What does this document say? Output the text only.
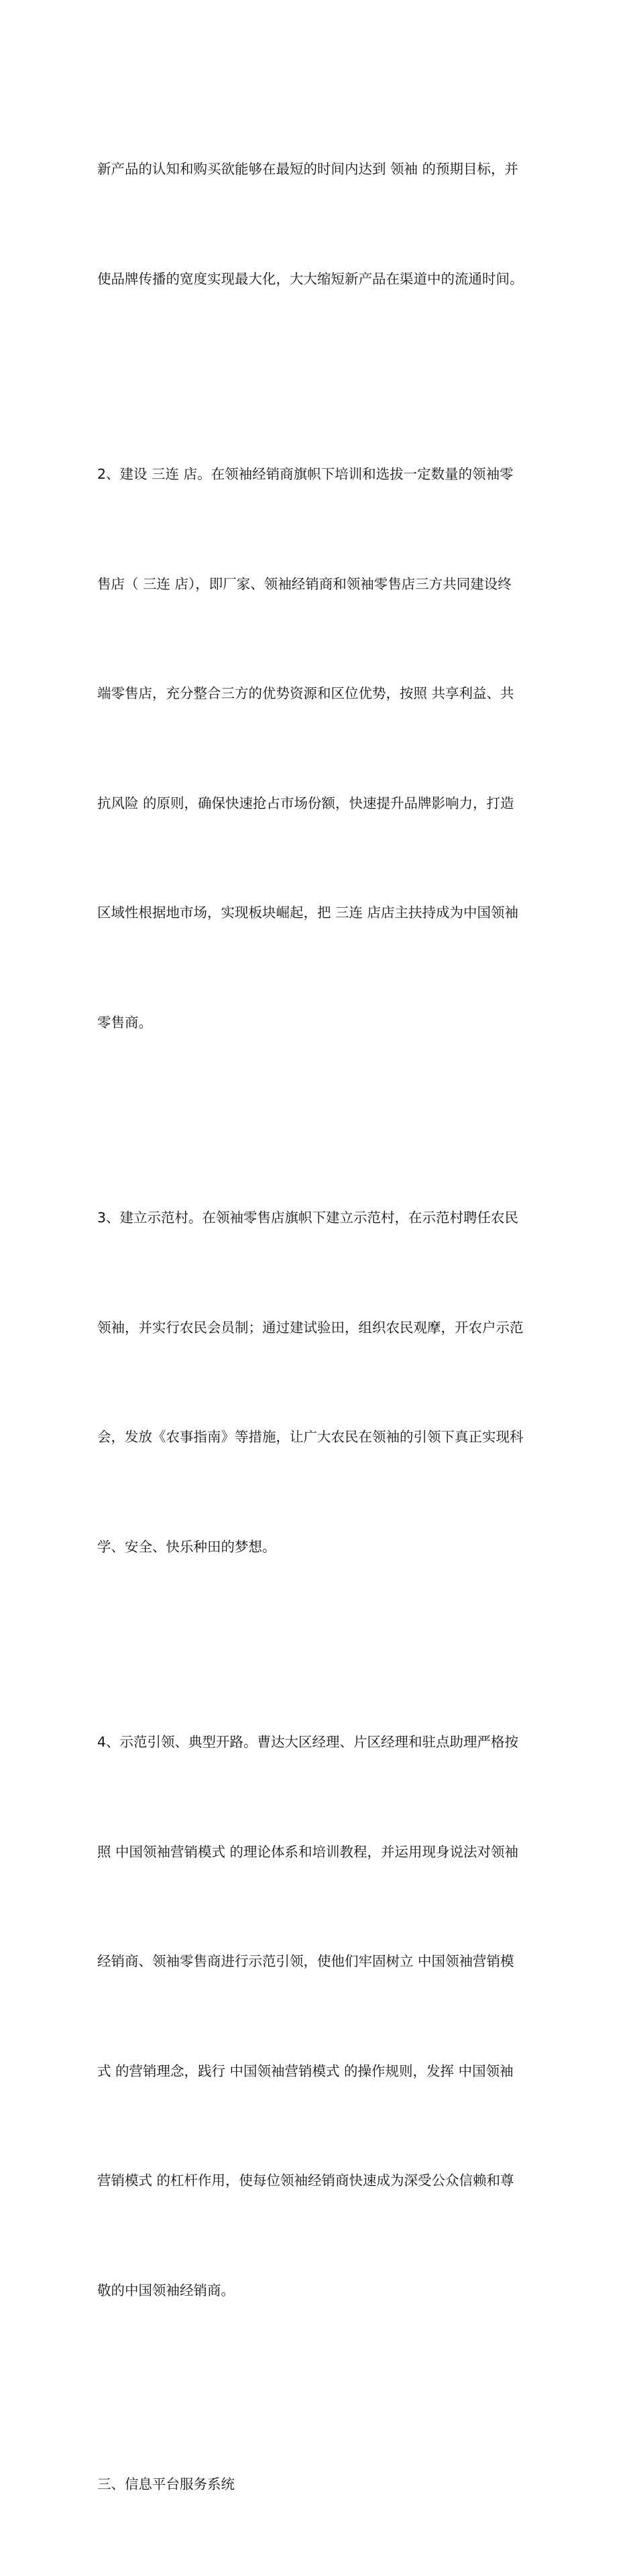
新产品的认知和购买欲能够在最短的时间内达到 领袖 的预期目标，并

使品牌传播的宽度实现最大化，大大缩短新产品在渠道中的流通时间。

2、建设 三连 店。在领袖经销商旗帜下培训和选拔一定数量的领袖零

售店（ 三连 店），即厂家、领袖经销商和领袖零售店三方共同建设终

端零售店，充分整合三方的优势资源和区位优势，按照 共享利益、共

抗风险 的原则，确保快速抢占市场份额，快速提升品牌影响力，打造

区域性根据地市场，实现板块崛起，把 三连 店店主扶持成为中国领袖

零售商。

3、建立示范村。在领袖零售店旗帜下建立示范村，在示范村聘任农民

领袖，并实行农民会员制；通过建试验田，组织农民观摩，开农户示范

会，发放《农事指南》等措施，让广大农民在领袖的引领下真正实现科

学、安全、快乐种田的梦想。

4、示范引领、典型开路。曹达大区经理、片区经理和驻点助理严格按

照 中国领袖营销模式 的理论体系和培训教程，并运用现身说法对领袖

经销商、领袖零售商进行示范引领，使他们牢固树立 中国领袖营销模

式 的营销理念，践行 中国领袖营销模式 的操作规则，发挥 中国领袖

营销模式 的杠杆作用，使每位领袖经销商快速成为深受公众信赖和尊

敬的中国领袖经销商。

三、信息平台服务系统
